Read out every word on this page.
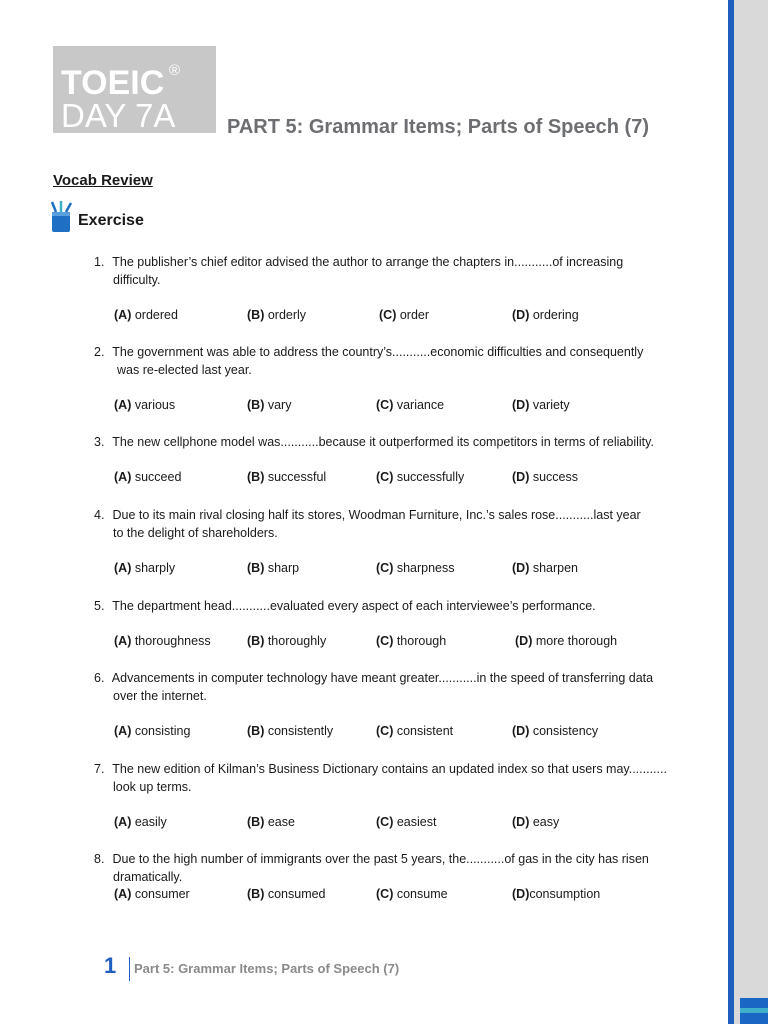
TOEIC ®
DAY 7A	PART 5: Grammar Items; Parts of Speech (7)
Vocab Review
Exercise
1. The publisher’s chief editor advised the author to arrange the chapters in...........of increasing
difficulty.
(A) ordered	(B) orderly	(C) order	(D) ordering
2. The government was able to address the country’s...........economic difficulties and consequently
was re-elected last year.
(A) various	(B) vary	(C) variance	(D) variety
3. The new cellphone model was...........because it outperformed its competitors in terms of reliability.
(A) succeed	(B) successful	(C) successfully	(D) success
4. Due to its main rival closing half its stores, Woodman Furniture, Inc.’s sales rose...........last year
to the delight of shareholders.
(A) sharply	(B) sharp	(C) sharpness	(D) sharpen
5. The department head...........evaluated every aspect of each interviewee’s performance.
(A) thoroughness	(B) thoroughly	(C) thorough	(D) more thorough
6. Advancements in computer technology have meant greater...........in the speed of transferring data
over the internet.
(A) consisting	(B) consistently	(C) consistent	(D) consistency
7. The new edition of Kilman’s Business Dictionary contains an updated index so that users may...........
look up terms.
(A) easily	(B) ease	(C) easiest	(D) easy
8. Due to the high number of immigrants over the past 5 years, the...........of gas in the city has risen
dramatically.
(A) consumer	(B) consumed	(C) consume	(D)consumption
1 Part 5: Grammar Items; Parts of Speech (7)
